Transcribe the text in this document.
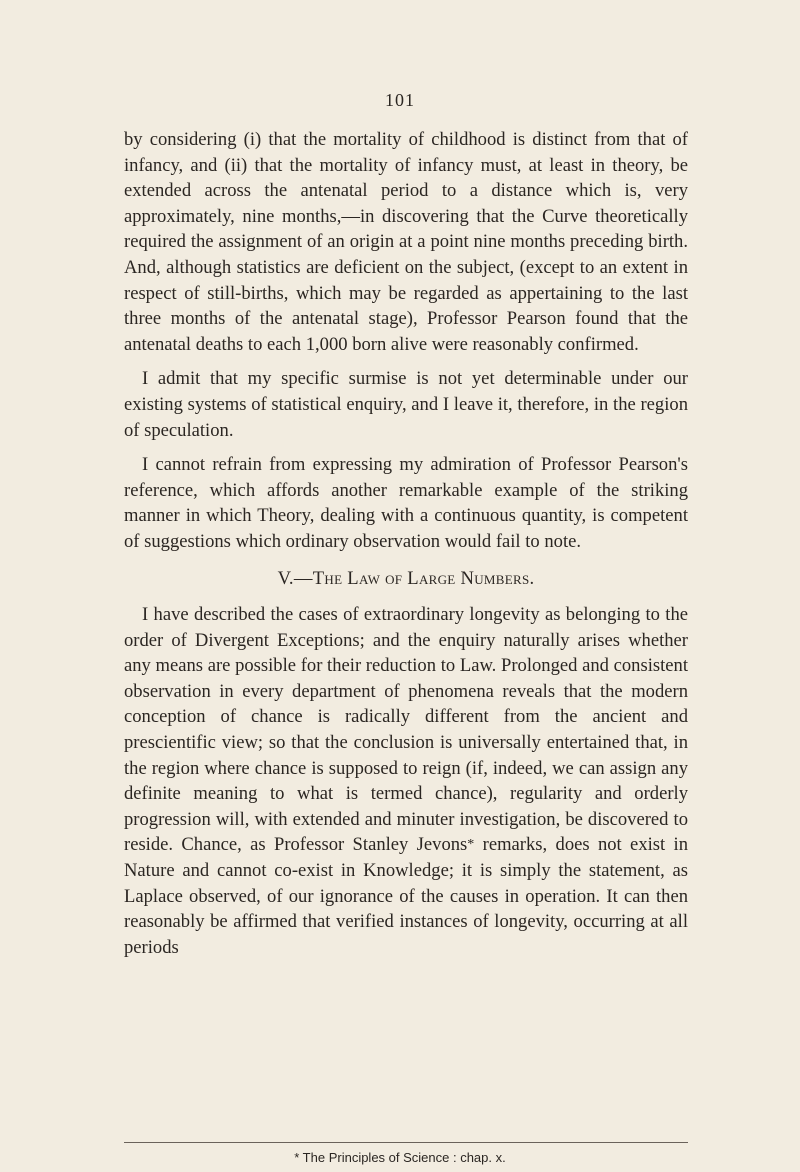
101

by considering (i) that the mortality of childhood is distinct from that of infancy, and (ii) that the mortality of infancy must, at least in theory, be extended across the antenatal period to a distance which is, very approximately, nine months,—in discovering that the Curve theoretically required the assignment of an origin at a point nine months preceding birth. And, although statistics are deficient on the subject, (except to an extent in respect of still-births, which may be regarded as appertaining to the last three months of the antenatal stage), Professor Pearson found that the antenatal deaths to each 1,000 born alive were reasonably confirmed.

I admit that my specific surmise is not yet determinable under our existing systems of statistical enquiry, and I leave it, therefore, in the region of speculation.

I cannot refrain from expressing my admiration of Professor Pearson's reference, which affords another remarkable example of the striking manner in which Theory, dealing with a continuous quantity, is competent of suggestions which ordinary observation would fail to note.

V.—The Law of Large Numbers.

I have described the cases of extraordinary longevity as belonging to the order of Divergent Exceptions; and the enquiry naturally arises whether any means are possible for their reduction to Law. Prolonged and consistent observation in every department of phenomena reveals that the modern conception of chance is radically different from the ancient and prescientific view; so that the conclusion is universally entertained that, in the region where chance is supposed to reign (if, indeed, we can assign any definite meaning to what is termed chance), regularity and orderly progression will, with extended and minuter investigation, be discovered to reside. Chance, as Professor Stanley Jevons* remarks, does not exist in Nature and cannot co-exist in Knowledge; it is simply the statement, as Laplace observed, of our ignorance of the causes in operation. It can then reasonably be affirmed that verified instances of longevity, occurring at all periods

* The Principles of Science : chap. x.
